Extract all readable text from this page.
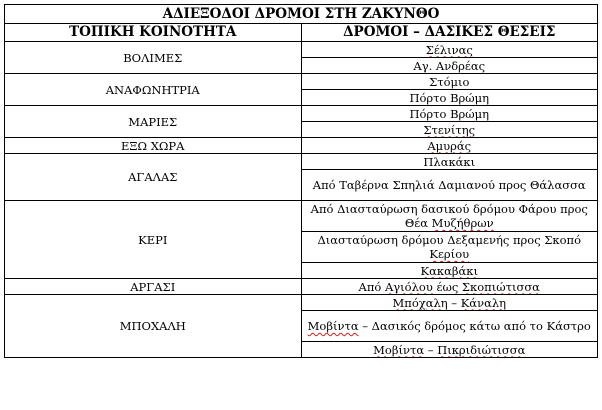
ΑΔΙΕΞΟΔΟΙ ΔΡΟΜΟΙ ΣΤΗ ΖΑΚΥΝΘΟ	
ΤΟΠΙΚΗ ΚΟΙΝΟΤΗΤΑ	ΔΡΟΜΟΙ – ΔΑΣΙΚΕΣ ΘΕΣΕΙΣ
ΒΟΛΙΜΕΣ	Σέλινας
	Αγ. Ανδρέας
ΑΝΑΦΩΝΗΤΡΙΑ	Στόμιο
	Πόρτο Βρώμη
ΜΑΡΙΕΣ	Πόρτο Βρώμη
	Στενίτης
ΕΞΩ ΧΩΡΑ	Αμυράς
ΑΓΑΛΑΣ	Πλακάκι
	Από Ταβέρνα Σπηλιά Δαμιανού προς Θάλασσα
ΚΕΡΙ	Από Διασταύρωση δασικού δρόμου Φάρου προς Θέα Μυζήθρων
	Διασταύρωση δρόμου Δεξαμενής προς Σκοπό Κερίου
	Κακαβάκι
ΑΡΓΑΣΙ	Από Αγιόλου έως Σκοπιώτισσα
ΜΠΟΧΑΛΗ	Μπόχαλη – Κάναλη
	Μοβίντα – Δασικός δρόμος κάτω από το Κάστρο
	Μοβίντα – Πικριδιώτισσα
